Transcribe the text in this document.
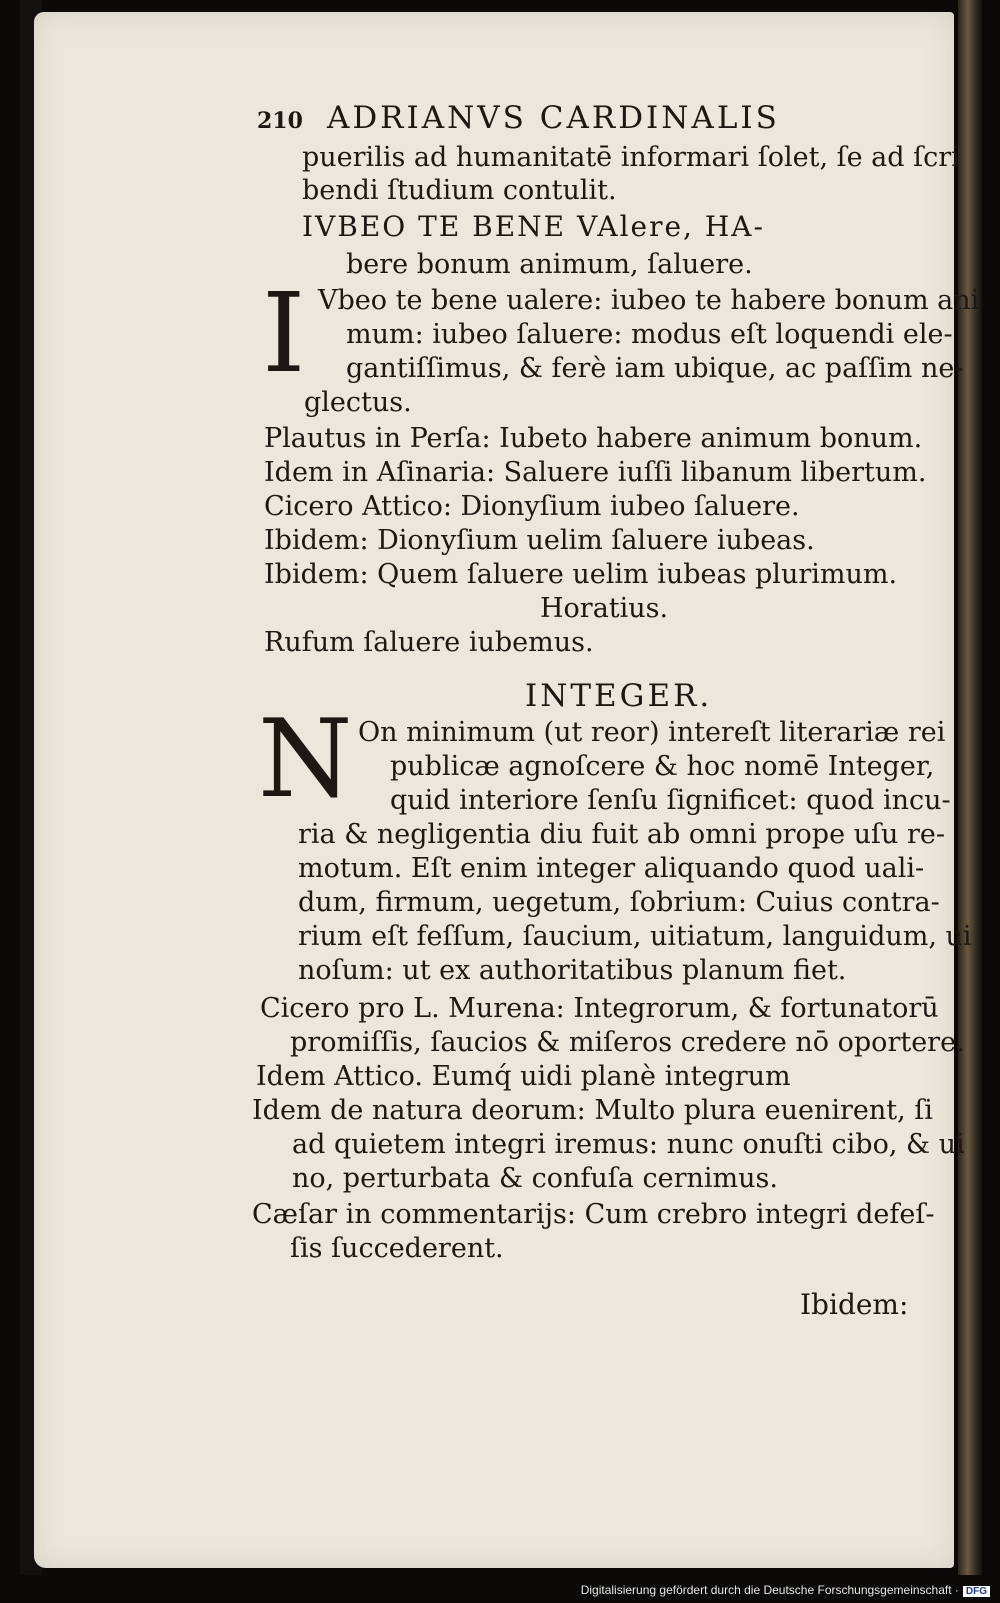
210 ADRIANVS CARDINALIS
puerilis ad humanitatē informari ſolet, ſe ad ſcri
bendi ſtudium contulit.
IVBEO TE BENE VAlere, HA-
bere bonum animum, ſaluere.
I Vbeo te bene ualere: iubeo te habere bonum ani
mum: iubeo ſaluere: modus eſt loquendi ele-
gantiſſimus, & ferè iam ubique, ac paſſim ne-
glectus.
Plautus in Perſa: Iubeto habere animum bonum.
Idem in Aſinaria: Saluere iuſſi libanum libertum.
Cicero Attico: Dionyſium iubeo ſaluere.
Ibidem: Dionyſium uelim ſaluere iubeas.
Ibidem: Quem ſaluere uelim iubeas plurimum.
Horatius.
Rufum ſaluere iubemus.
INTEGER.
N On minimum (ut reor) intereſt literariæ rei
publicæ agnoſcere & hoc nomē Integer,
quid interiore ſenſu ſignificet: quod incu-
ria & negligentia diu fuit ab omni prope uſu re-
motum. Eſt enim integer aliquando quod uali-
dum, firmum, uegetum, ſobrium: Cuius contra-
rium eſt feſſum, ſaucium, uitiatum, languidum, ui
noſum: ut ex authoritatibus planum fiet.
Cicero pro L. Murena: Integrorum, & fortunatorū
promiſſis, ſaucios & miſeros credere nō oportere.
Idem Attico. Eumq́ uidi planè integrum
Idem de natura deorum: Multo plura euenirent, ſi
ad quietem integri iremus: nunc onuſti cibo, & ui
no, perturbata & confuſa cernimus.
Cæſar in commentarijs: Cum crebro integri defeſ-
ſis ſuccederent.
Ibidem:
Digitalisierung gefördert durch die Deutsche Forschungsgemeinschaft · DFG
